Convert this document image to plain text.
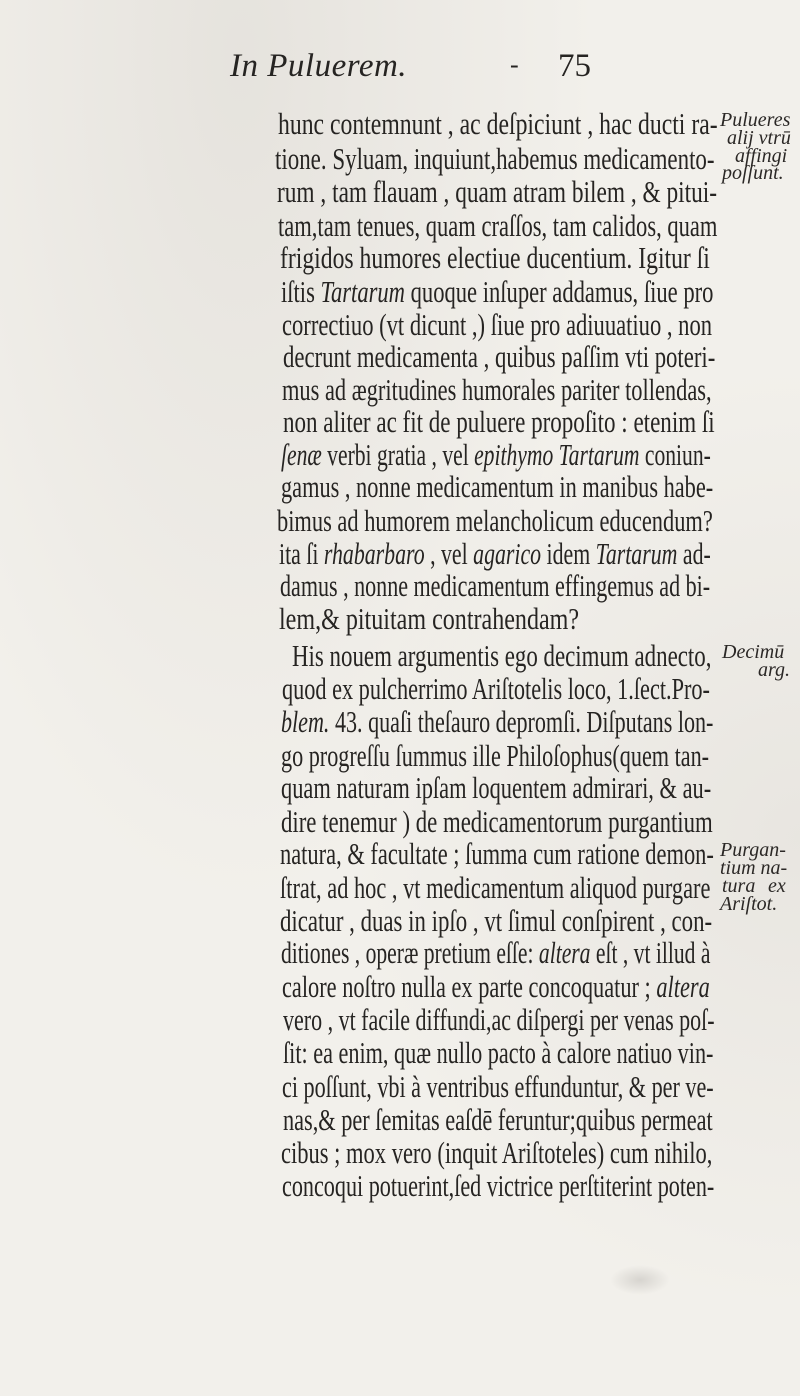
In Puluerem.	- 75
hunc contemnunt , ac deſpiciunt , hac ducti ra-
tione. Syluam, inquiunt,habemus medicamento-
rum , tam flauam , quam atram bilem , & pitui-
tam,tam tenues, quam craſſos, tam calidos, quam
frigidos humores electiue ducentium. Igitur ſi
iſtis Tartarum quoque inſuper addamus, ſiue pro
correctiuo (vt dicunt ,) ſiue pro adiuuatiuo , non
decrunt medicamenta , quibus paſſim vti poteri-
mus ad ægritudines humorales pariter tollendas,
non aliter ac fit de puluere propoſito : etenim ſi
ſenæ verbi gratia , vel epithymo Tartarum coniun-
gamus , nonne medicamentum in manibus habe-
bimus ad humorem melancholicum educendum?
ita ſi rhabarbaro , vel agarico idem Tartarum ad-
damus , nonne medicamentum effingemus ad bi-
lem,& pituitam contrahendam?
His nouem argumentis ego decimum adnecto,
quod ex pulcherrimo Ariſtotelis loco, 1.ſect.Pro-
blem. 43. quaſi theſauro depromſi. Diſputans lon-
go progreſſu ſummus ille Philoſophus(quem tan-
quam naturam ipſam loquentem admirari, & au-
dire tenemur ) de medicamentorum purgantium
natura, & facultate ; ſumma cum ratione demon-
ſtrat, ad hoc , vt medicamentum aliquod purgare
dicatur , duas in ipſo , vt ſimul conſpirent , con-
ditiones , operæ pretium eſſe: altera eſt , vt illud à
calore noſtro nulla ex parte concoquatur ; altera
vero , vt facile diffundi,ac diſpergi per venas poſ-
ſit: ea enim, quæ nullo pacto à calore natiuo vin-
ci poſſunt, vbi à ventribus effunduntur, & per ve-
nas,& per ſemitas eaſdē feruntur;quibus permeat
cibus ; mox vero (inquit Ariſtoteles) cum nihilo,
concoqui potuerint,ſed victrice perſtiterint poten-
Pulueres
alij vtrū
affingi
poſſunt.
Decimū
arg.
Purgan-
tium na-
tura ex
Ariſtot.
